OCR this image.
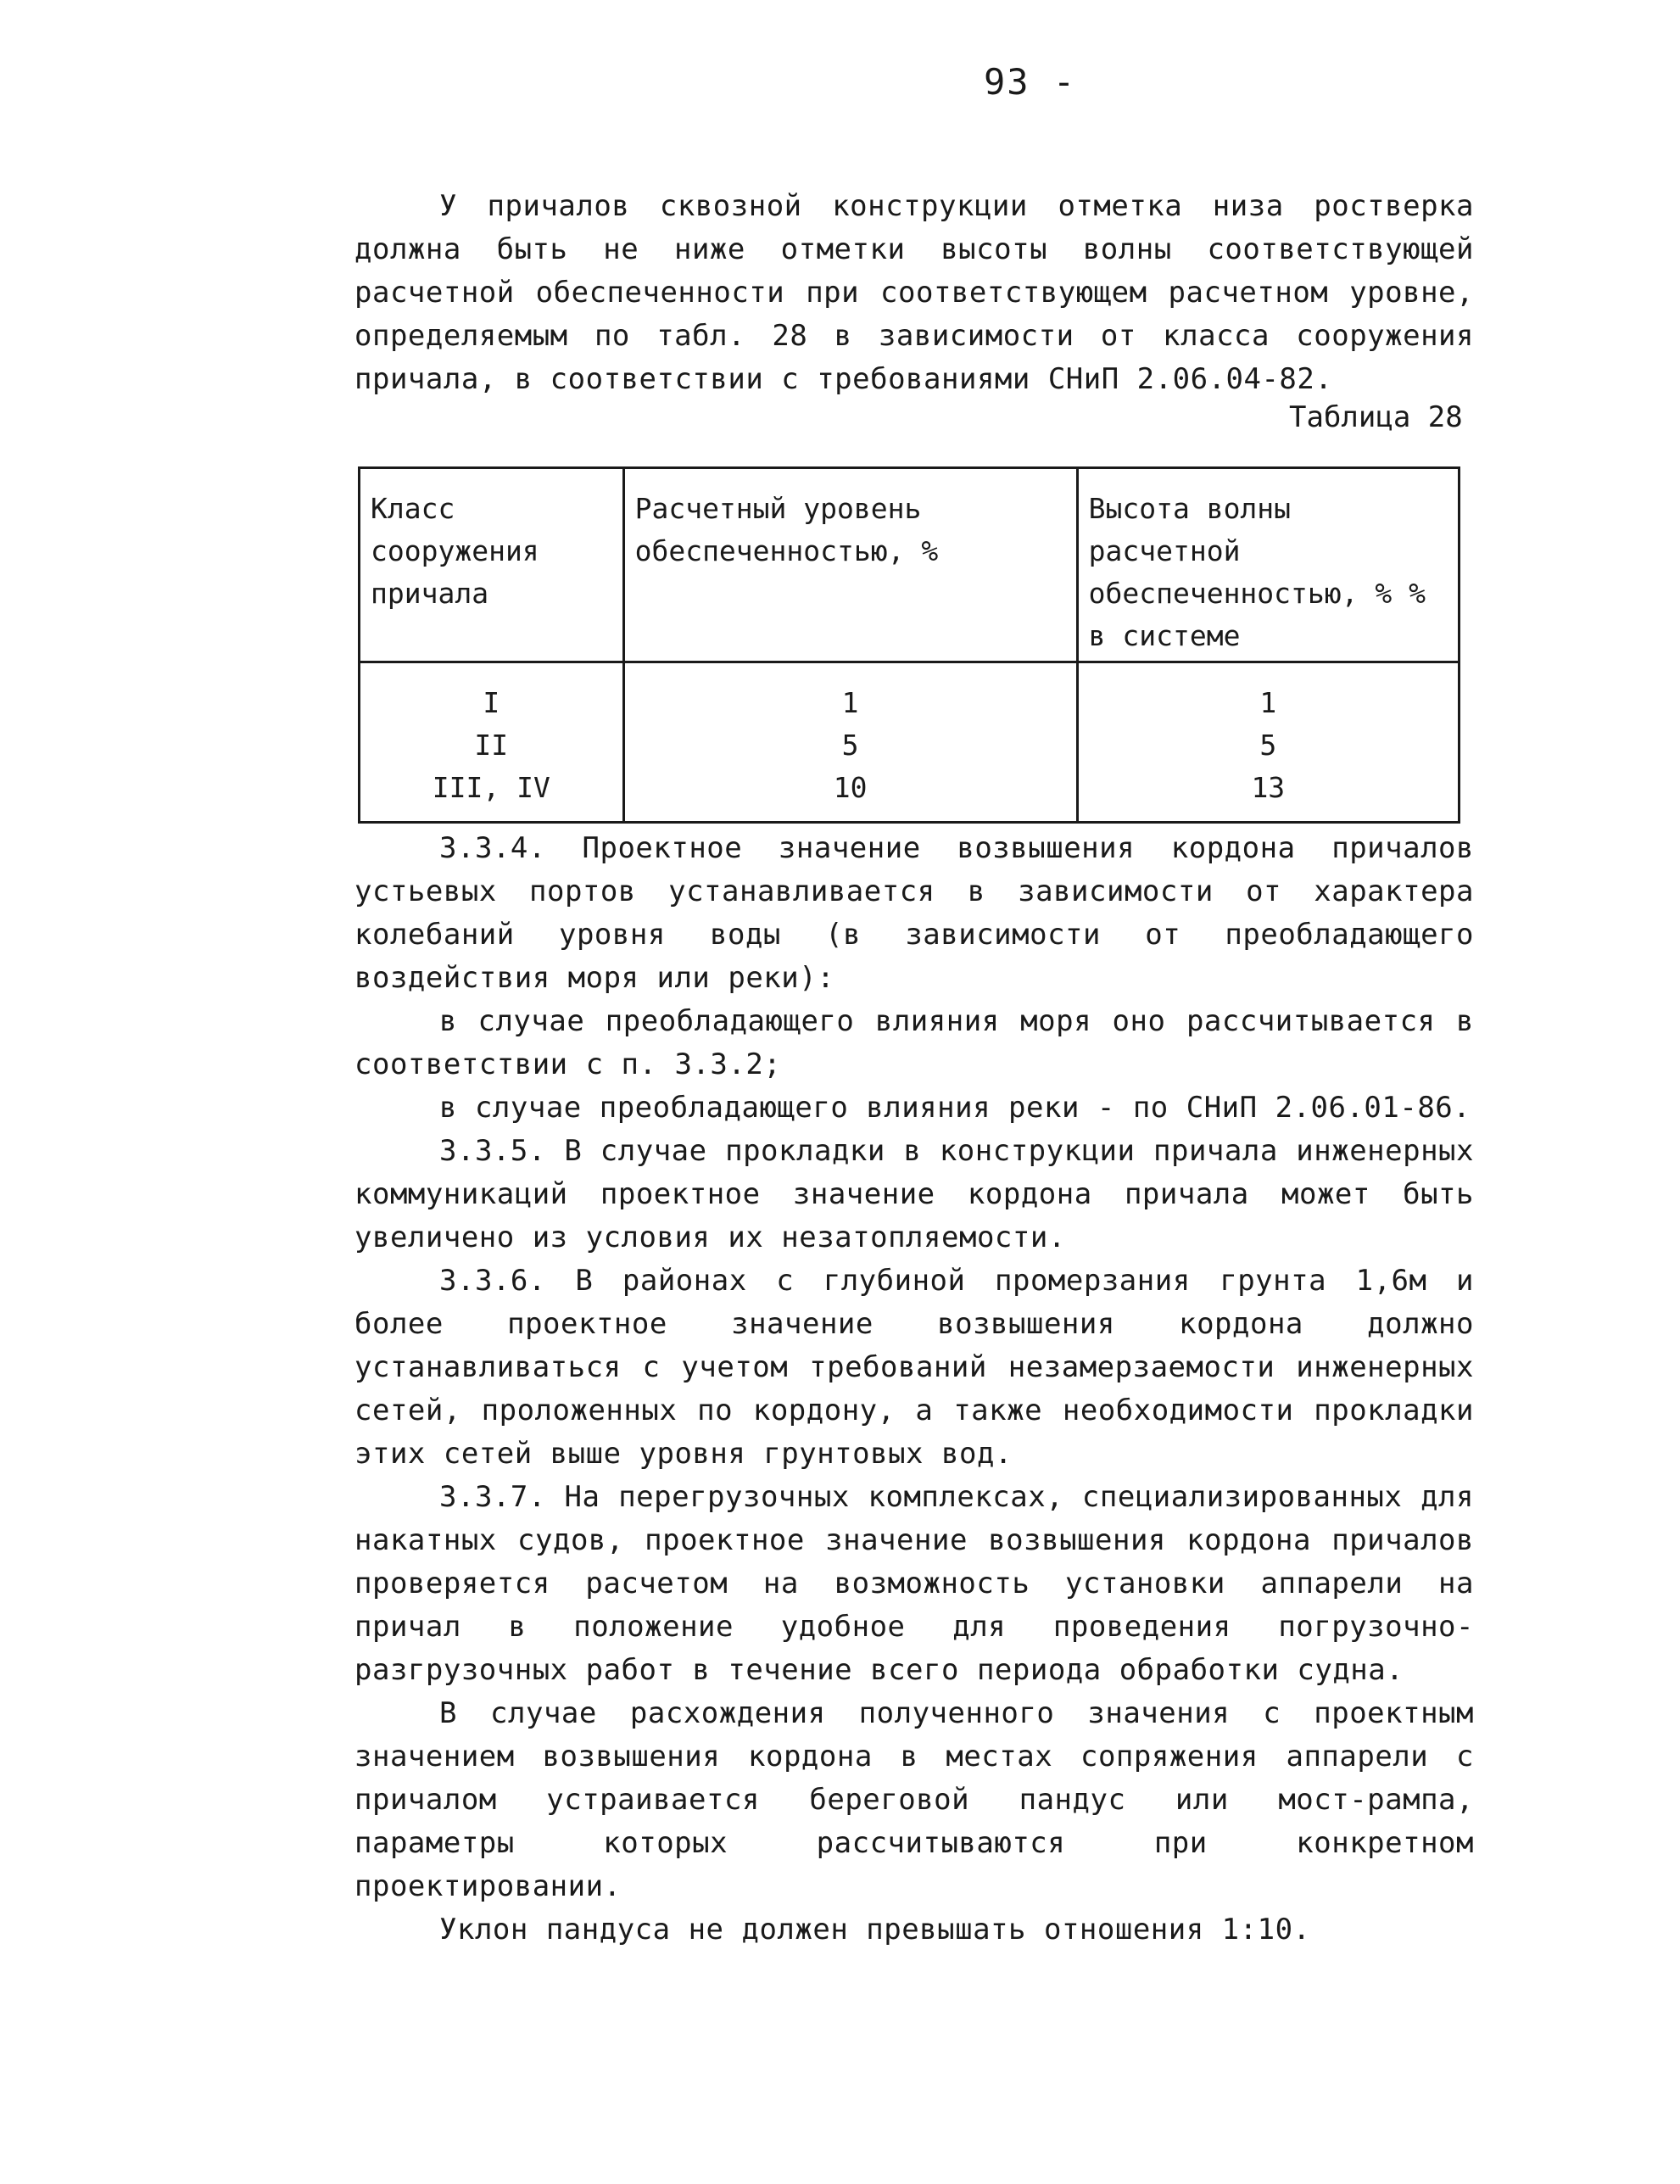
93 -

У причалов сквозной конструкции отметка низа ростверка должна быть не ниже отметки высоты волны соответствующей расчетной обеспеченности при соответствующем расчетном уровне, определяемым по табл. 28 в зависимости от класса сооружения причала, в соответствии с требованиями СНиП 2.06.04-82.

Таблица 28
Класс сооружения причала	Расчетный уровень обеспеченностью, %	Высота волны расчетной обеспеченностью, % % в системе
I	1	1
II	5	5
III, IV	10	13

3.3.4. Проектное значение возвышения кордона причалов устьевых портов устанавливается в зависимости от характера колебаний уровня воды (в зависимости от преобладающего воздействия моря или реки):

в случае преобладающего влияния моря оно рассчитывается в соответствии с п. 3.3.2;

в случае преобладающего влияния реки - по СНиП 2.06.01-86.

3.3.5. В случае прокладки в конструкции причала инженерных коммуникаций проектное значение кордона причала может быть увеличено из условия их незатопляемости.

3.3.6. В районах с глубиной промерзания грунта 1,6м и более проектное значение возвышения кордона должно устанавливаться с учетом требований незамерзаемости инженерных сетей, проложенных по кордону, а также необходимости прокладки этих сетей выше уровня грунтовых вод.

3.3.7. На перегрузочных комплексах, специализированных для накатных судов, проектное значение возвышения кордона причалов проверяется расчетом на возможность установки аппарели на причал в положение удобное для проведения погрузочно-разгрузочных работ в течение всего периода обработки судна.

В случае расхождения полученного значения с проектным значением возвышения кордона в местах сопряжения аппарели с причалом устраивается береговой пандус или мост-рампа, параметры которых рассчитываются при конкретном проектировании.

Уклон пандуса не должен превышать отношения 1:10.
